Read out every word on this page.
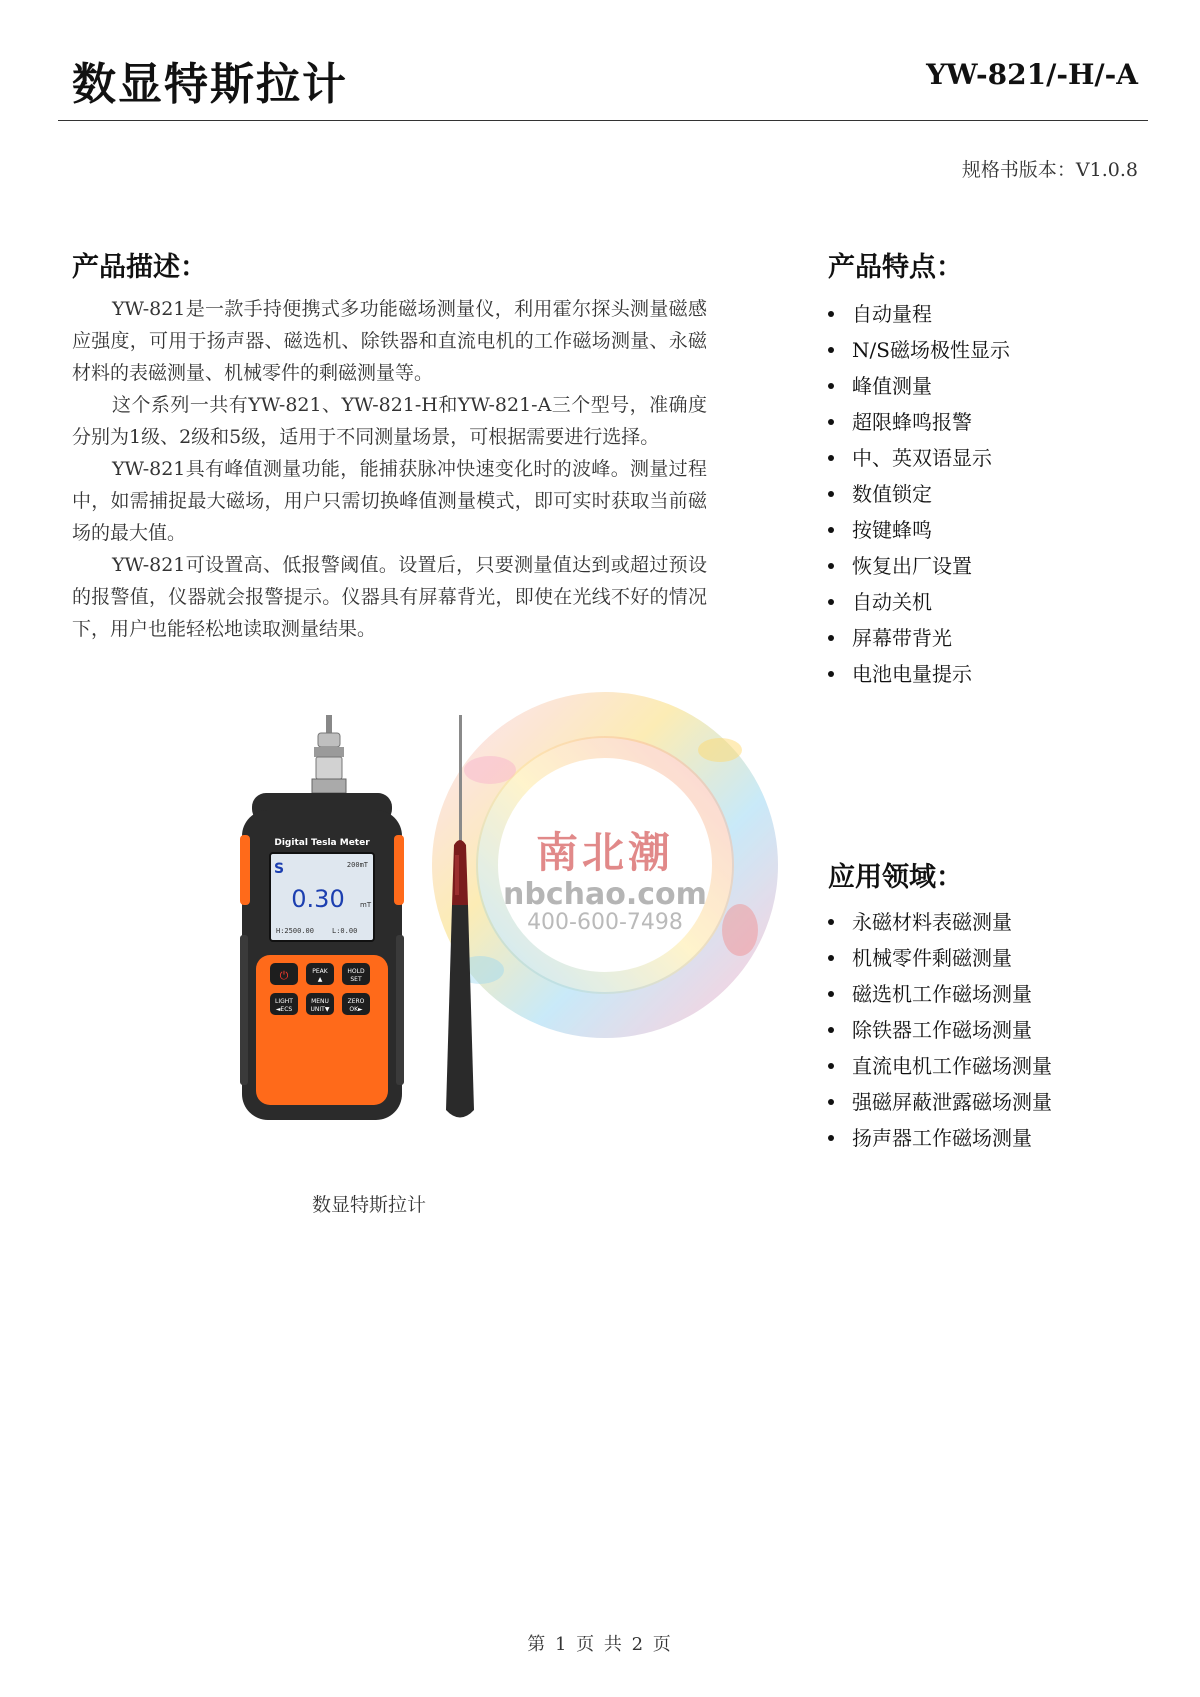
数显特斯拉计	YW-821/-H/-A
规格书版本：V1.0.8
产品描述：

YW-821是一款手持便携式多功能磁场测量仪，利用霍尔探头测量磁感应强度，可用于扬声器、磁选机、除铁器和直流电机的工作磁场测量、永磁材料的表磁测量、机械零件的剩磁测量等。

这个系列一共有YW-821、YW-821-H和YW-821-A三个型号，准确度分别为1级、2级和5级，适用于不同测量场景，可根据需要进行选择。

YW-821具有峰值测量功能，能捕获脉冲快速变化时的波峰。测量过程中，如需捕捉最大磁场，用户只需切换峰值测量模式，即可实时获取当前磁场的最大值。

YW-821可设置高、低报警阈值。设置后，只要测量值达到或超过预设的报警值，仪器就会报警提示。仪器具有屏幕背光，即使在光线不好的情况下，用户也能轻松地读取测量结果。

产品特点：
自动量程
N/S磁场极性显示
峰值测量
超限蜂鸣报警
中、英双语显示
数值锁定
按键蜂鸣
恢复出厂设置
自动关机
屏幕带背光
电池电量提示
应用领域：
永磁材料表磁测量
机械零件剩磁测量
磁选机工作磁场测量
除铁器工作磁场测量
直流电机工作磁场测量
强磁屏蔽泄露磁场测量
扬声器工作磁场测量
南北潮
nbchao.com
400-600-7498
Digital Tesla Meter
S	200mT
0.30 mT
H:2500.00	L:0.00
⏻	PEAK
▲
HOLD
SET
LIGHT
◄ECS
MENU
UNIT▼
ZERO
OK►
数显特斯拉计
第 1 页 共 2 页
